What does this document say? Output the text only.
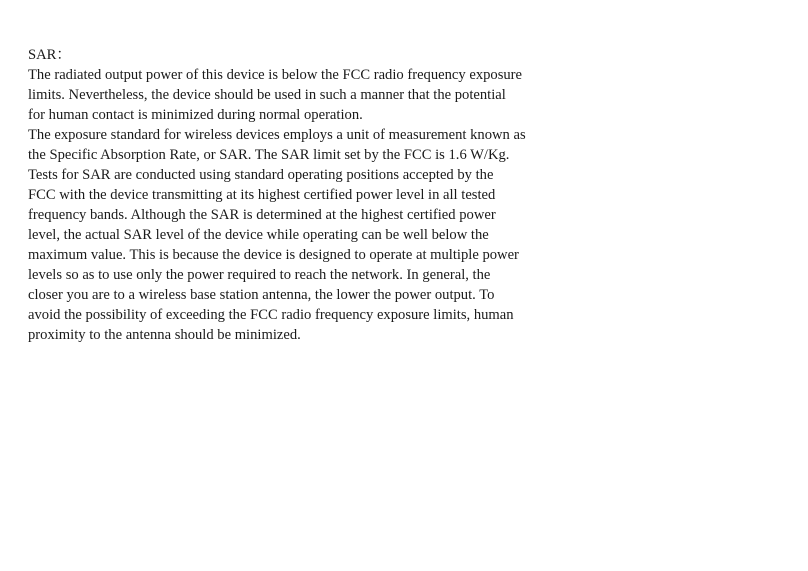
SAR：
The radiated output power of this device is below the FCC radio frequency exposure
limits. Nevertheless, the device should be used in such a manner that the potential
for human contact is minimized during normal operation.
The exposure standard for wireless devices employs a unit of measurement known as
the Specific Absorption Rate, or SAR. The SAR limit set by the FCC is 1.6 W/Kg.
Tests for SAR are conducted using standard operating positions accepted by the
FCC with the device transmitting at its highest certified power level in all tested
frequency bands. Although the SAR is determined at the highest certified power
level, the actual SAR level of the device while operating can be well below the
maximum value. This is because the device is designed to operate at multiple power
levels so as to use only the power required to reach the network. In general, the
closer you are to a wireless base station antenna, the lower the power output. To
avoid the possibility of exceeding the FCC radio frequency exposure limits, human
proximity to the antenna should be minimized.
